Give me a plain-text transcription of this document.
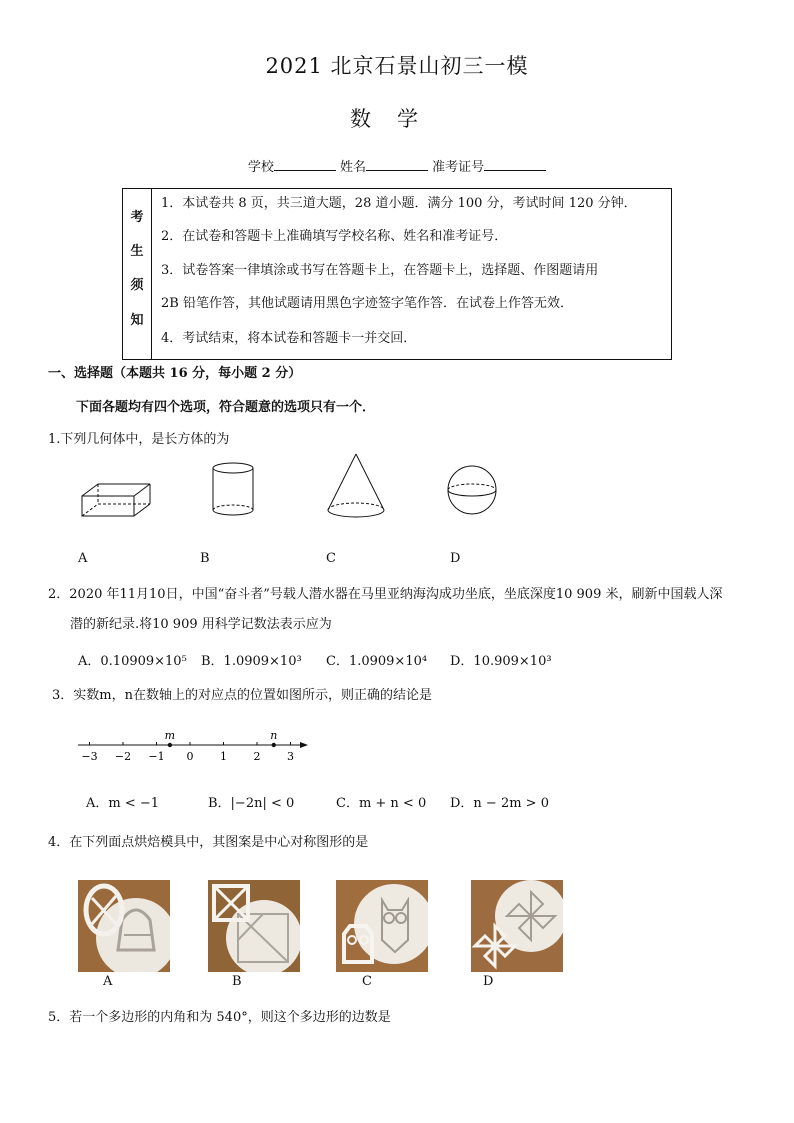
2021 北京石景山初三一模
数学
学校	姓名	准考证号
考
生
须
知
1．本试卷共 8 页，共三道大题，28 道小题．满分 100 分，考试时间 120 分钟．
2．在试卷和答题卡上准确填写学校名称、姓名和准考证号．
3．试卷答案一律填涂或书写在答题卡上，在答题卡上，选择题、作图题请用
2B 铅笔作答，其他试题请用黑色字迹签字笔作答．在试卷上作答无效．
4．考试结束，将本试卷和答题卡一并交回．
一、选择题（本题共 16 分，每小题 2 分）
下面各题均有四个选项，符合题意的选项只有一个．
1.下列几何体中，是长方体的为
A	B	C	D
2．2020 年11月10日，中国“奋斗者”号载人潜水器在马里亚纳海沟成功坐底，坐底深度10 909 米，刷新中国载人深
潜的新纪录.将10 909 用科学记数法表示应为
A．0.10909×10⁵ B．1.0909×10³ C．1.0909×10⁴ D．10.909×10³
3．实数m，n在数轴上的对应点的位置如图所示，则正确的结论是
−3 −2 −1 0 1 2 3
m	n
A．m < −1	B．|−2n| < 0	C．m + n < 0 D．n − 2m > 0
4．在下列面点烘焙模具中，其图案是中心对称图形的是
A	B	C	D
5．若一个多边形的内角和为 540°，则这个多边形的边数是
